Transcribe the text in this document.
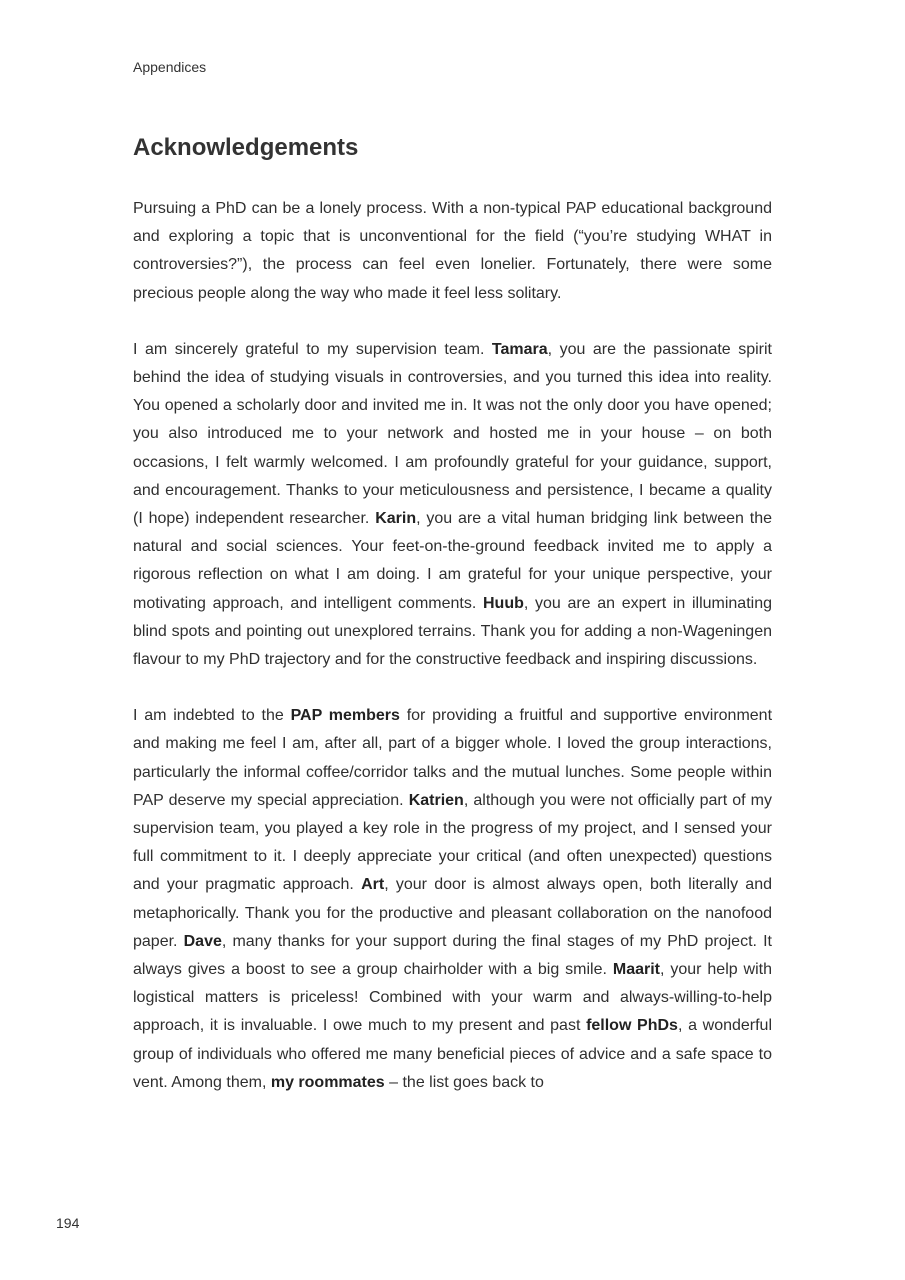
Appendices
Acknowledgements

Pursuing a PhD can be a lonely process. With a non-typical PAP educational background and exploring a topic that is unconventional for the field (“you’re studying WHAT in controversies?”), the process can feel even lonelier. Fortunately, there were some precious people along the way who made it feel less solitary.

I am sincerely grateful to my supervision team. Tamara, you are the passionate spirit behind the idea of studying visuals in controversies, and you turned this idea into reality. You opened a scholarly door and invited me in. It was not the only door you have opened; you also introduced me to your network and hosted me in your house – on both occasions, I felt warmly welcomed. I am profoundly grateful for your guidance, support, and encouragement. Thanks to your meticulousness and persistence, I became a quality (I hope) independent researcher. Karin, you are a vital human bridging link between the natural and social sciences. Your feet-on-the-ground feedback invited me to apply a rigorous reflection on what I am doing. I am grateful for your unique perspective, your motivating approach, and intelligent comments. Huub, you are an expert in illuminating blind spots and pointing out unexplored terrains. Thank you for adding a non-Wageningen flavour to my PhD trajectory and for the constructive feedback and inspiring discussions.

I am indebted to the PAP members for providing a fruitful and supportive environment and making me feel I am, after all, part of a bigger whole. I loved the group interactions, particularly the informal coffee/corridor talks and the mutual lunches. Some people within PAP deserve my special appreciation. Katrien, although you were not officially part of my supervision team, you played a key role in the progress of my project, and I sensed your full commitment to it. I deeply appreciate your critical (and often unexpected) questions and your pragmatic approach. Art, your door is almost always open, both literally and metaphorically. Thank you for the productive and pleasant collaboration on the nanofood paper. Dave, many thanks for your support during the final stages of my PhD project. It always gives a boost to see a group chairholder with a big smile. Maarit, your help with logistical matters is priceless! Combined with your warm and always-willing-to-help approach, it is invaluable. I owe much to my present and past fellow PhDs, a wonderful group of individuals who offered me many beneficial pieces of advice and a safe space to vent. Among them, my roommates – the list goes back to

194
